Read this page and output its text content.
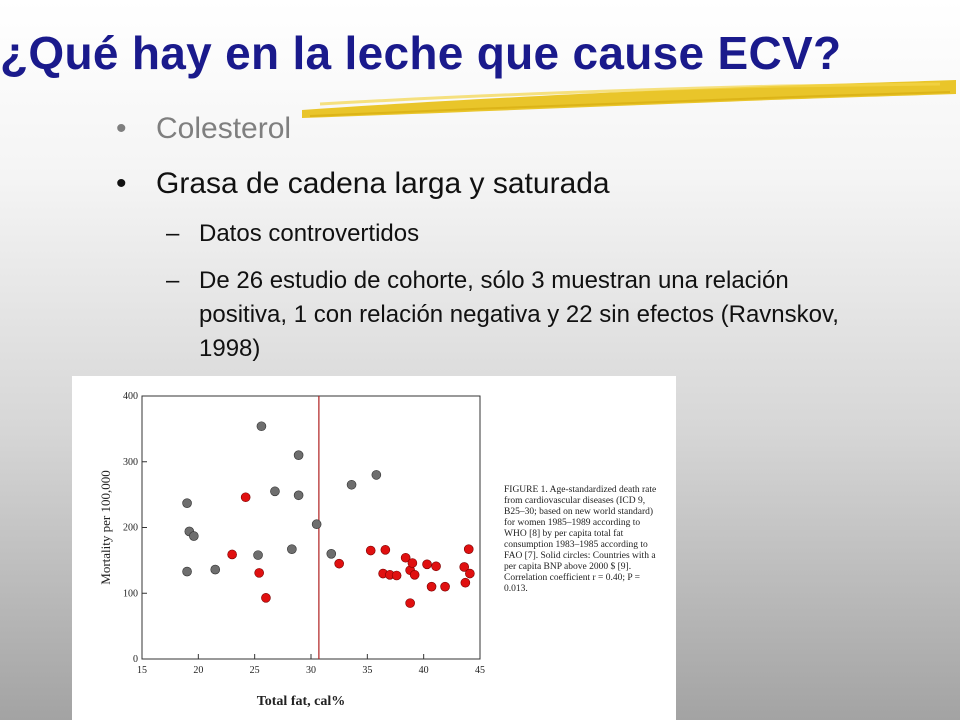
¿Qué hay en la leche que cause ECV?
• Colesterol
• Grasa de cadena larga y saturada
– Datos controvertidos
– De 26 estudio de cohorte, sólo 3 muestran una relación positiva, 1 con relación negativa y 22 sin efectos (Ravnskov, 1998)
15	20	25	30	35	40	45
0
100
200
300
400
Total fat, cal%
Mortality per 100,000	FIGURE 1. Age-standardized death rate from cardiovascular diseases (ICD 9, B25–30; based on new world standard) for women 1985–1989 according to WHO [8] by per capita total fat consumption 1983–1985 according to FAO [7]. Solid circles: Countries with a per capita BNP above 2000 $ [9]. Correlation coefficient r = 0.40; P = 0.013.
